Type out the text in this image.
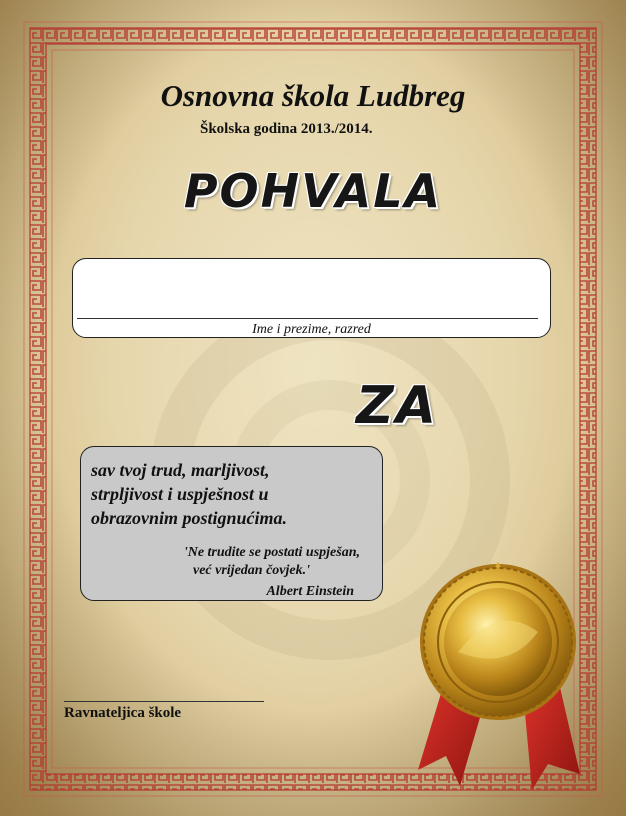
Osnovna škola Ludbreg
Školska godina 2013./2014.
POHVALA
Ime i prezime, razred
ZA
sav tvoj trud, marljivost,
strpljivost i uspješnost u
obrazovnim postignućima.
'Ne trudite se postati uspješan,
već vrijedan čovjek.'
Albert Einstein
Ravnateljica škole
